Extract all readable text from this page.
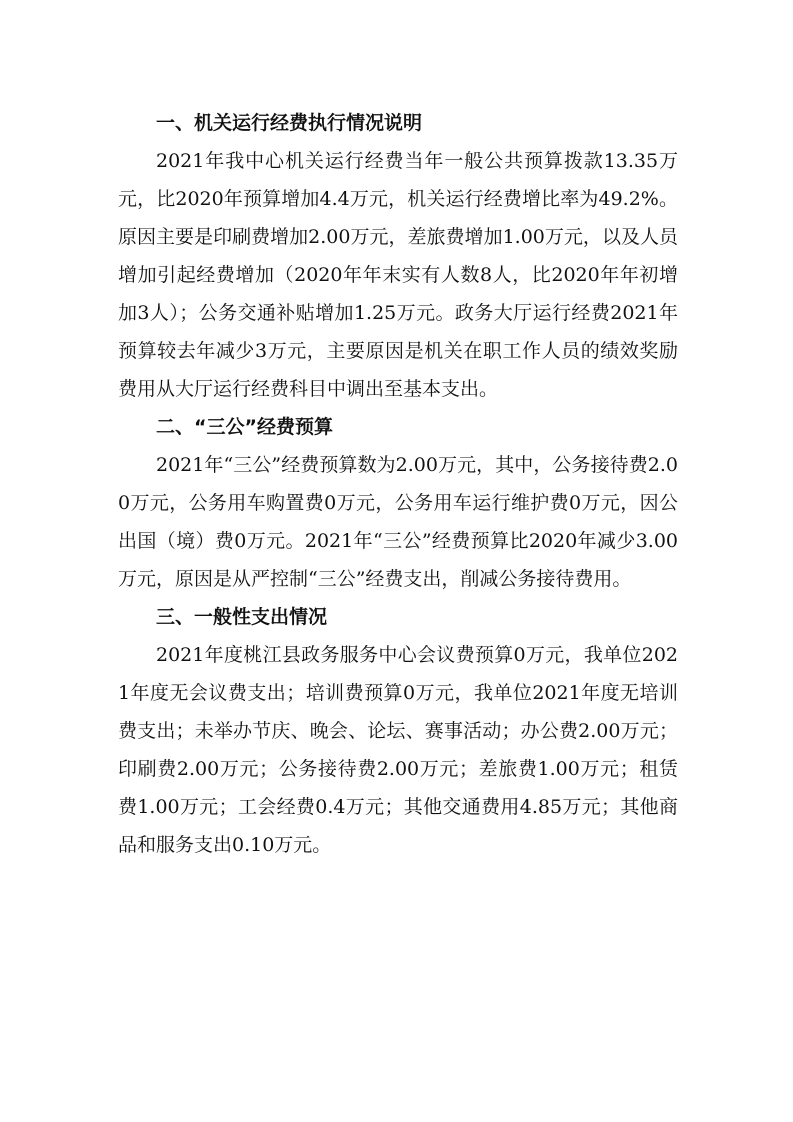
一、机关运行经费执行情况说明

2021年我中心机关运行经费当年一般公共预算拨款13.35万元，比2020年预算增加4.4万元，机关运行经费增比率为49.2%。原因主要是印刷费增加2.00万元，差旅费增加1.00万元，以及人员增加引起经费增加（2020年年末实有人数8人，比2020年年初增加3人）；公务交通补贴增加1.25万元。政务大厅运行经费2021年预算较去年减少3万元，主要原因是机关在职工作人员的绩效奖励费用从大厅运行经费科目中调出至基本支出。

二、“三公”经费预算

2021年“三公”经费预算数为2.00万元，其中，公务接待费2.00万元，公务用车购置费0万元，公务用车运行维护费0万元，因公出国（境）费0万元。2021年“三公”经费预算比2020年减少3.00万元，原因是从严控制“三公”经费支出，削减公务接待费用。

三、一般性支出情况

2021年度桃江县政务服务中心会议费预算0万元，我单位2021年度无会议费支出；培训费预算0万元，我单位2021年度无培训费支出；未举办节庆、晚会、论坛、赛事活动；办公费2.00万元；印刷费2.00万元；公务接待费2.00万元；差旅费1.00万元；租赁费1.00万元；工会经费0.4万元；其他交通费用4.85万元；其他商品和服务支出0.10万元。
